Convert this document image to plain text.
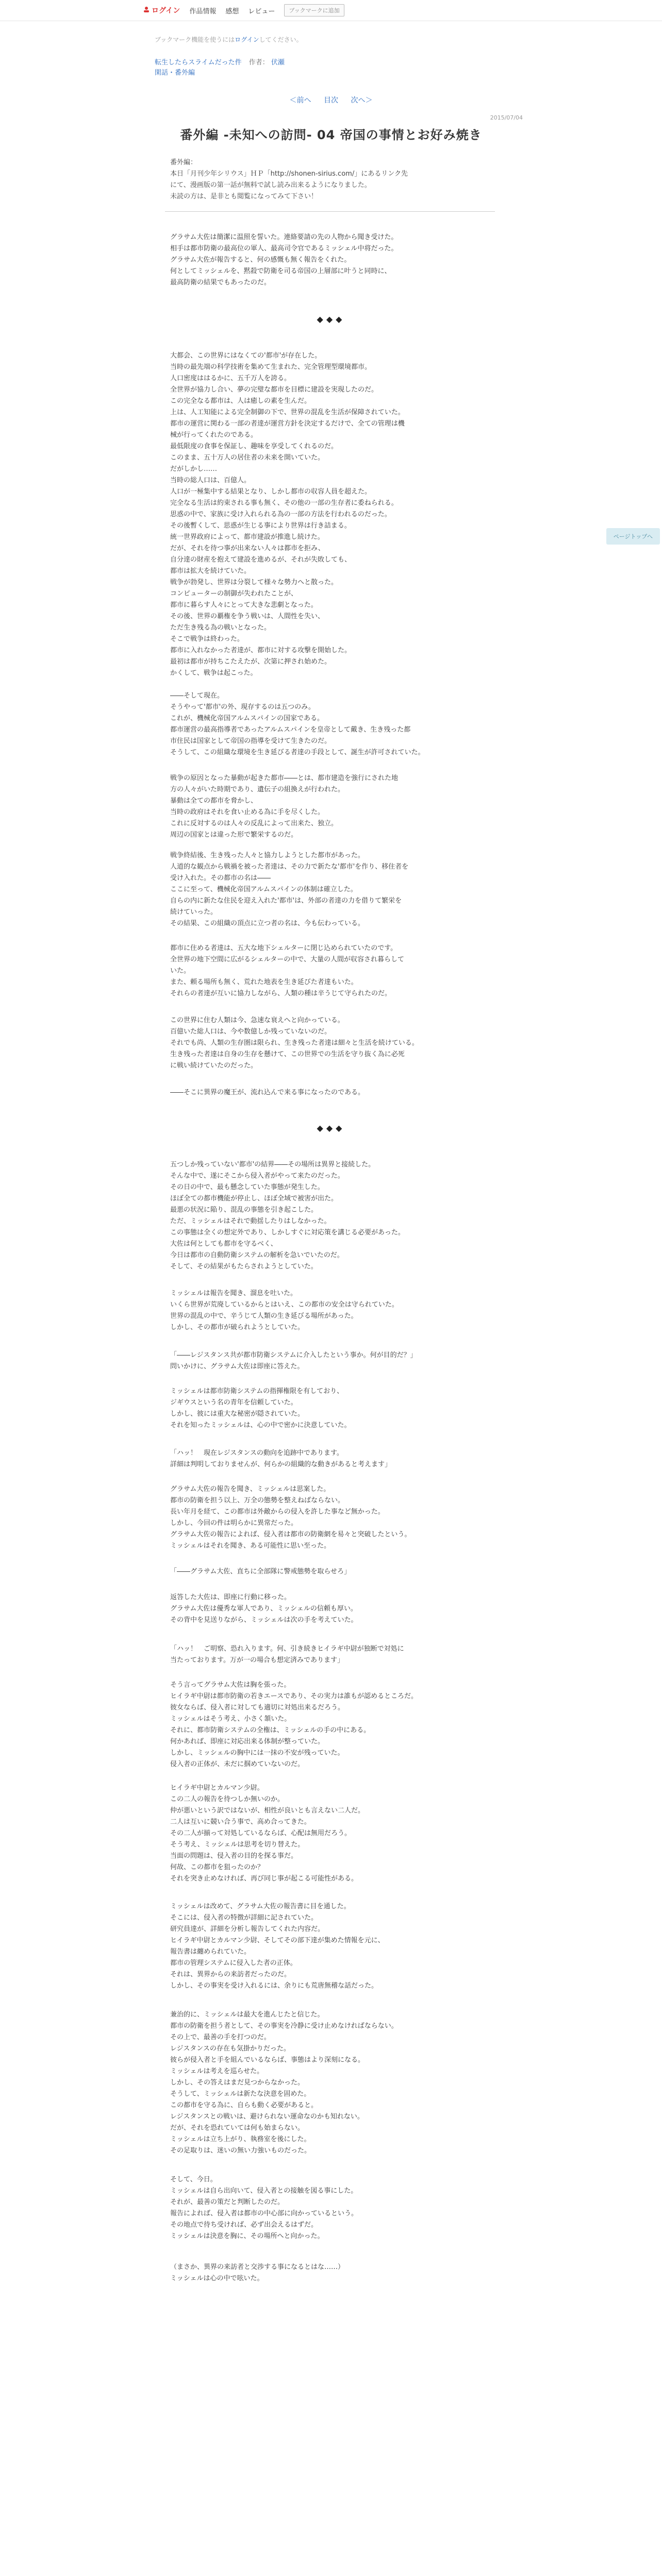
ログイン 作品情報 感想 レビュー	ブックマークに追加
ブックマーク機能を使うにはログインしてください。
転生したらスライムだった件 作者： 伏瀬
閑話・番外編
＜前へ 目次 次へ＞
2015/07/04
番外編 -未知への訪問- 04 帝国の事情とお好み焼き

番外編：

本日「月刊少年シリウス」ＨＰ「http://shonen-sirius.com/」にあるリンク先

にて、漫画版の第一話が無料で試し読み出来るようになりました。

未読の方は、是非とも閲覧になってみて下さい！

グラサム大佐は簡潔に温照を誓いた。連絡要請の先の人物から聞き受けた。

相手は都市防衛の最高位の軍人、最高司令官であるミッシェル中将だった。

グラサム大佐が報告すると、何の感慨も無く報告をくれた。

何としてミッシェルを、黙殺で防衛を司る帝国の上層部に叶うと同時に、

最高防衛の結果でもあったのだ。

◆◆◆

大都会、この世界にはなくての'都市'が存在した。

当時の最先端の科学技術を集めて生まれた、完全管理型環境都市。

人口密度ははるかに、五千万人を誇る。

全世界が協力し合い、夢の完璧な都市を目標に建設を実現したのだ。

この完全なる都市は、人は癒しの素を生んだ。

上は、人工知能による完全制御の下で、世界の混乱を生活が保障されていた。

都市の運営に関わる一部の者達が運営方針を決定するだけで、全ての管理は機

械が行ってくれたのである。

最低限度の食事を保証し、趣味を享受してくれるのだ。

このまま、五十万人の居住者の未来を開いていた。

だがしかし……

当時の総人口は、百億人。

人口が一極集中する結果となり、しかし都市の収容人員を超えた。

完全なる生活は約束される事も無く、その他の一部の生存者に委ねられる。

思惑の中で、家族に受け入れられる為の一部の方法を行われるのだった。

その後暫くして、思惑が生じる事により世界は行き詰まる。

統一世界政府によって、都市建設が推進し続けた。

だが、それを待つ事が出来ない人々は都市を拒み、

自分達の財産を抱えて建設を進めるが、それが失敗しても、

都市は拡大を続けていた。

戦争が勃発し、世界は分裂して様々な勢力へと散った。

コンピューターの制御が失われたことが、

都市に暮らす人々にとって大きな悲劇となった。

その後、世界の覇権を争う戦いは、人間性を失い、

ただ生き残る為の戦いとなった。

そこで戦争は終わった。

都市に入れなかった者達が、都市に対する攻撃を開始した。

最初は都市が持ちこたえたが、次第に押され始めた。

かくして、戦争は起こった。

――そして現在。

そうやって'都市'の外、現存するのは五つのみ。

これが、機械化帝国アルムスパインの国家である。

都市運営の最高指導者であったアルムスパインを皇帝として戴き、生き残った都

市住民は国家として帝国の指導を受けて生きたのだ。

そうして、この組織な環境を生き延びる者達の手段として、誕生が許可されていた。

戦争の原因となった暴動が起きた都市――とは、都市建造を強行にされた地

方の人々がいた時期であり、遺伝子の組換えが行われた。

暴動は全ての都市を脅かし、

当時の政府はそれを食い止める為に手を尽くした。

これに反対するのは人々の反乱によって出来た、独立。

周辺の国家とは違った形で繁栄するのだ。

戦争終結後、生き残った人々と協力しようとした都市があった。

人道的な観点から戦禍を被った者達は、その力で新たな'都市'を作り、移住者を

受け入れた。その都市の名は――

ここに至って、機械化帝国アルムスパインの体制は確立した。

自らの内に新たな住民を迎え入れた'都市'は、外部の者達の力を借りて繁栄を

続けていった。

その結果、この組織の頂点に立つ者の名は、今も伝わっている。

都市に住める者達は、五大な地下シェルターに閉じ込められていたのです。

全世界の地下空間に広がるシェルターの中で、大量の人間が収容され暮らして

いた。

また、頼る場所も無く、荒れた地表を生き延びた者達もいた。

それらの者達が互いに協力しながら、人類の種は辛うじて守られたのだ。

この世界に住む人類は今、急速な衰えへと向かっている。

百億いた総人口は、今や数億しか残っていないのだ。

それでも尚、人類の生存圏は限られ、生き残った者達は細々と生活を続けている。

生き残った者達は自身の生存を懸けて、この世界での生活を守り抜く為に必死

に戦い続けていたのだった。

――そこに異界の魔王が、流れ込んで来る事になったのである。

◆◆◆

五つしか残っていない'都市'の結界――その場所は異界と接続した。

そんな中で、遂にそこから侵入者がやって来たのだった。

その日の中で、最も懸念していた事態が発生した。

ほぼ全ての都市機能が停止し、ほぼ全域で被害が出た。

最悪の状況に陥り、混乱の事態を引き起こした。

ただ、ミッシェルはそれで動揺したりはしなかった。

この事態は全くの想定外であり、しかしすぐに対応策を講じる必要があった。

大佐は何としても都市を守るべく、

今日は都市の自動防衛システムの解析を急いでいたのだ。

そして、その結果がもたらされようとしていた。

ミッシェルは報告を聞き、溜息を吐いた。

いくら世界が荒廃しているからとはいえ、この都市の安全は守られていた。

世界の混乱の中で、辛うじて人類の生き延びる場所があった。

しかし、その都市が破られようとしていた。

「――レジスタンス共が都市防衛システムに介入したという事か。何が目的だ？」

問いかけに、グラサム大佐は即座に答えた。

ミッシェルは都市防衛システムの指揮権限を有しており、

ジギウスという名の青年を信頼していた。

しかし、彼には重大な秘密が隠されていた。

それを知ったミッシェルは、心の中で密かに決意していた。

「ハッ！　現在レジスタンスの動向を追跡中であります。

詳細は判明しておりませんが、何らかの組織的な動きがあると考えます」

グラサム大佐の報告を聞き、ミッシェルは思案した。

都市の防衛を担う以上、万全の態勢を整えねばならない。

長い年月を経て、この都市は外敵からの侵入を許した事など無かった。

しかし、今回の件は明らかに異常だった。

グラサム大佐の報告によれば、侵入者は都市の防衛網を易々と突破したという。

ミッシェルはそれを聞き、ある可能性に思い至った。

「――グラサム大佐、直ちに全部隊に警戒態勢を取らせろ」

返答した大佐は、即座に行動に移った。

グラサム大佐は優秀な軍人であり、ミッシェルの信頼も厚い。

その背中を見送りながら、ミッシェルは次の手を考えていた。

「ハッ！　ご明察、恐れ入ります。何、引き続きヒイラギ中尉が独断で対処に

当たっております。万が一の場合も想定済みであります」

そう言ってグラサム大佐は胸を張った。

ヒイラギ中尉は都市防衛の若きエースであり、その実力は誰もが認めるところだ。

彼女ならば、侵入者に対しても適切に対処出来るだろう。

ミッシェルはそう考え、小さく頷いた。

それに、都市防衛システムの全権は、ミッシェルの手の中にある。

何かあれば、即座に対応出来る体制が整っていた。

しかし、ミッシェルの胸中には一抹の不安が残っていた。

侵入者の正体が、未だに掴めていないのだ。

ヒイラギ中尉とカルマン少尉。

この二人の報告を待つしか無いのか。

仲が悪いという訳ではないが、相性が良いとも言えない二人だ。

二人は互いに競い合う事で、高め合ってきた。

その二人が揃って対処しているならば、心配は無用だろう。

そう考え、ミッシェルは思考を切り替えた。

当面の問題は、侵入者の目的を探る事だ。

何故、この都市を狙ったのか？

それを突き止めなければ、再び同じ事が起こる可能性がある。

ミッシェルは改めて、グラサム大佐の報告書に目を通した。

そこには、侵入者の特徴が詳細に記されていた。

研究員達が、詳細を分析し報告してくれた内容だ。

ヒイラギ中尉とカルマン少尉、そしてその部下達が集めた情報を元に、

報告書は纏められていた。

都市の管理システムに侵入した者の正体。

それは、異界からの来訪者だったのだ。

しかし、その事実を受け入れるには、余りにも荒唐無稽な話だった。

兼治的に、ミッシェルは最大を進んじたと信じた。

都市の防衛を担う者として、その事実を冷静に受け止めなければならない。

その上で、最善の手を打つのだ。

レジスタンスの存在も気掛かりだった。

彼らが侵入者と手を組んでいるならば、事態はより深刻になる。

ミッシェルは考えを巡らせた。

しかし、その答えはまだ見つからなかった。

そうして、ミッシェルは新たな決意を固めた。

この都市を守る為に、自らも動く必要があると。

レジスタンスとの戦いは、避けられない運命なのかも知れない。

だが、それを恐れていては何も始まらない。

ミッシェルは立ち上がり、執務室を後にした。

その足取りは、迷いの無い力強いものだった。

そして、今日。

ミッシェルは自ら出向いて、侵入者との接触を図る事にした。

それが、最善の策だと判断したのだ。

報告によれば、侵入者は都市の中心部に向かっているという。

その地点で待ち受ければ、必ず出会えるはずだ。

ミッシェルは決意を胸に、その場所へと向かった。

（まさか、異界の来訪者と交渉する事になるとはな……）

ミッシェルは心の中で呟いた。

ページトップへ
